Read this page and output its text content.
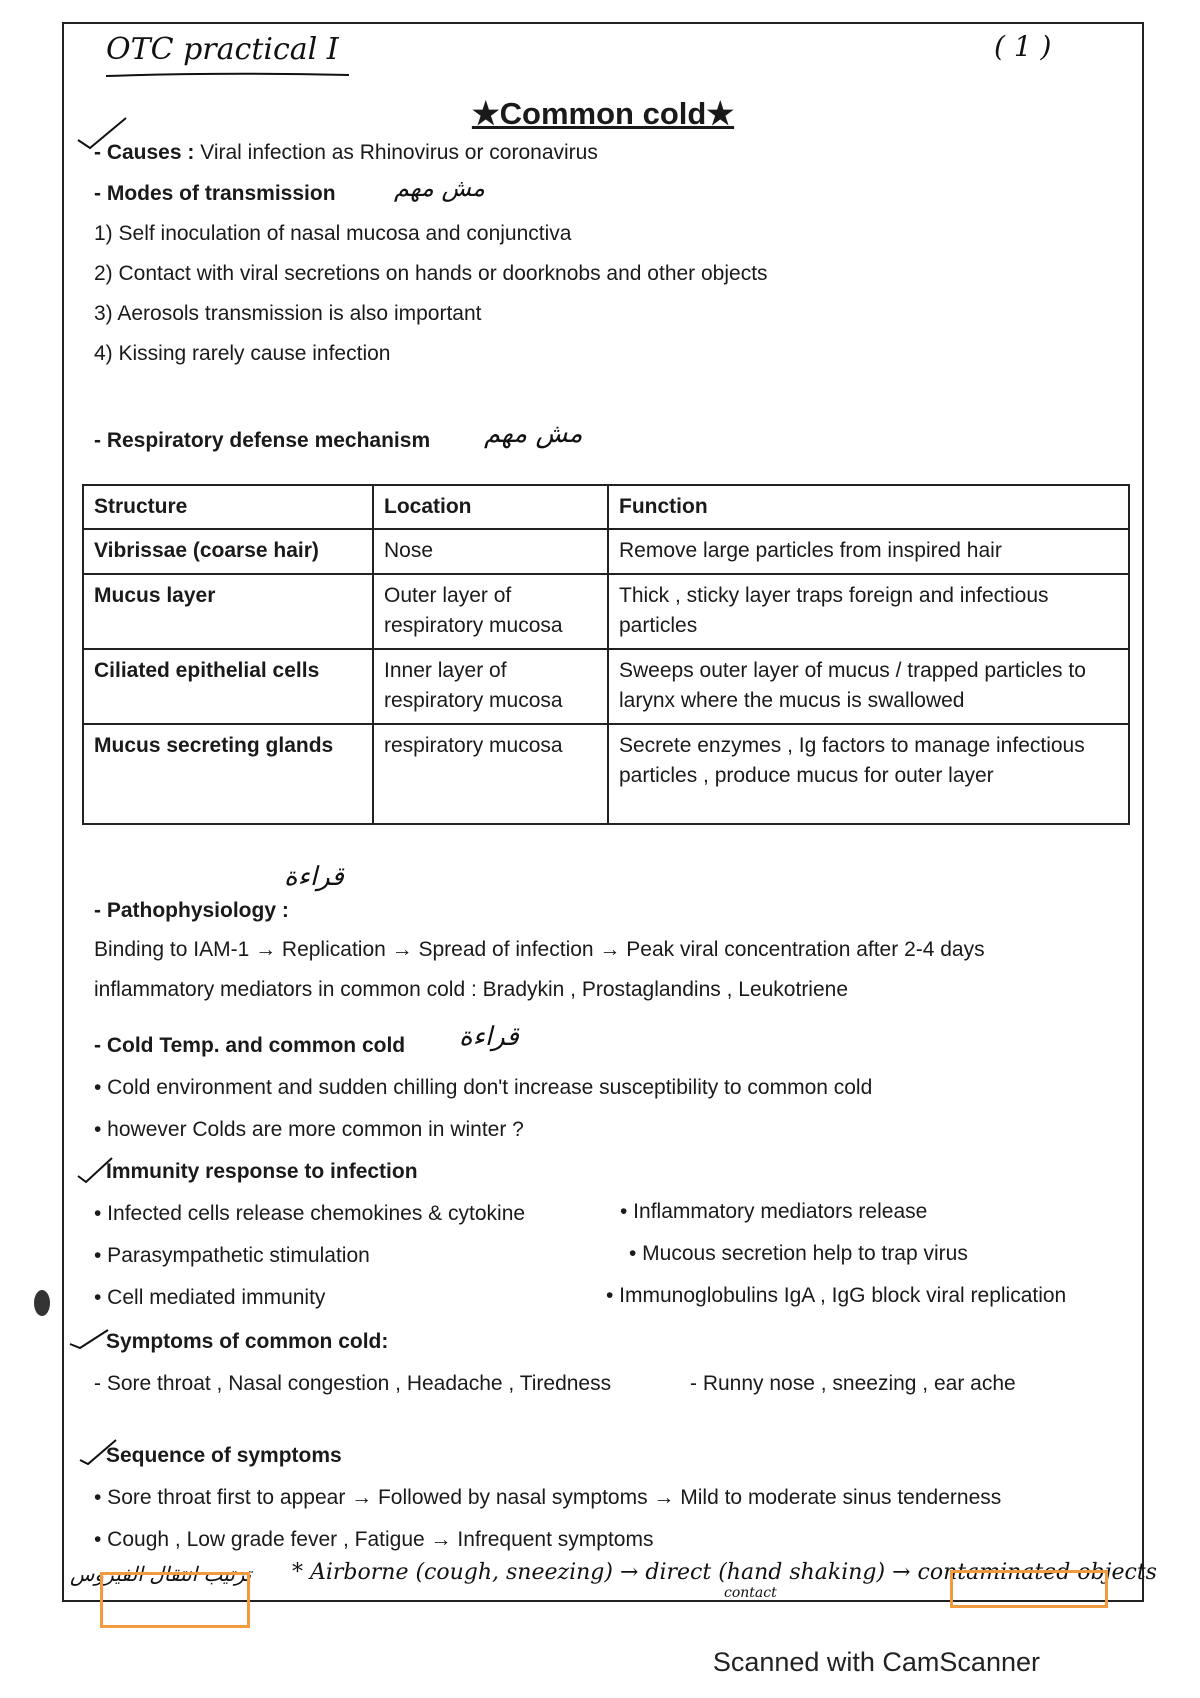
OTC practical I	( 1 )
★Common cold★
- Causes : Viral infection as Rhinovirus or coronavirus
- Modes of transmission مش مهم
1) Self inoculation of nasal mucosa and conjunctiva
2) Contact with viral secretions on hands or doorknobs and other objects
3) Aerosols transmission is also important
4) Kissing rarely cause infection
- Respiratory defense mechanism مش مهم
Structure	Location	Function
Vibrissae (coarse hair)	Nose	Remove large particles from inspired hair
Mucus layer	Outer layer of respiratory mucosa	Thick , sticky layer traps foreign and infectious particles
Ciliated epithelial cells	Inner layer of respiratory mucosa	Sweeps outer layer of mucus / trapped particles to larynx where the mucus is swallowed
Mucus secreting glands	respiratory mucosa	Secrete enzymes , Ig factors to manage infectious particles , produce mucus for outer layer
قراءة
- Pathophysiology :
Binding to IAM-1 → Replication → Spread of infection → Peak viral concentration after 2-4 days
inflammatory mediators in common cold : Bradykin , Prostaglandins , Leukotriene
- Cold Temp. and common cold قراءة
• Cold environment and sudden chilling don't increase susceptibility to common cold
• however Colds are more common in winter ?
Immunity response to infection
• Infected cells release chemokines & cytokine
• Parasympathetic stimulation
• Cell mediated immunity
• Inflammatory mediators release
• Mucous secretion help to trap virus
• Immunoglobulins IgA , IgG block viral replication
Symptoms of common cold:
- Sore throat , Nasal congestion , Headache , Tiredness	- Runny nose , sneezing , ear ache
Sequence of symptoms
• Sore throat first to appear → Followed by nasal symptoms → Mild to moderate sinus tenderness
• Cough , Low grade fever , Fatigue → Infrequent symptoms
ترتيب انتقال الفيروس * Airborne (cough, sneezing) → direct (hand shaking) → contaminated objects
contact
Scanned with CamScanner
